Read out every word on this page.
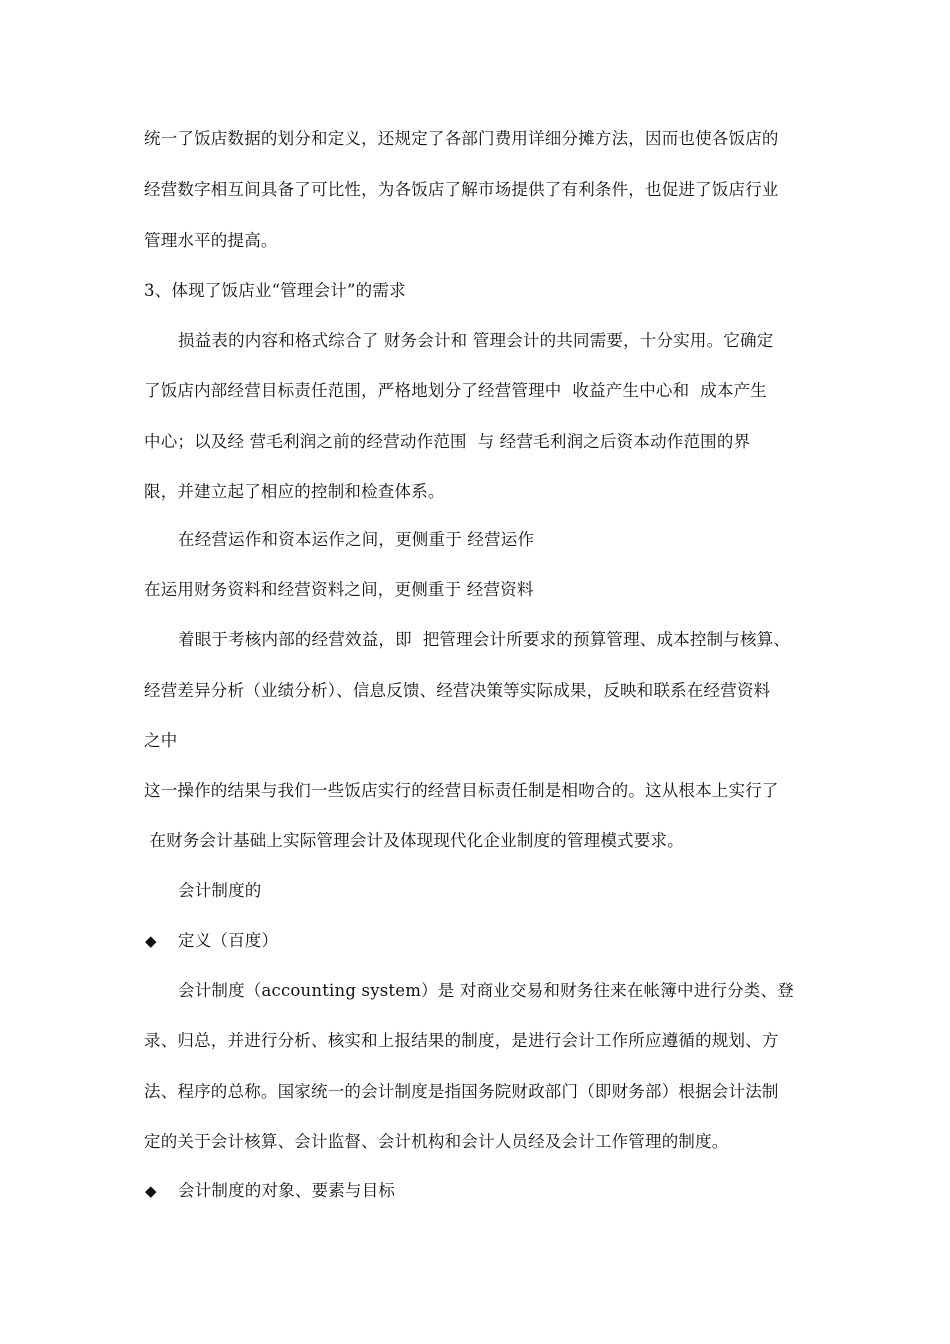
统一了饭店数据的划分和定义，还规定了各部门费用详细分摊方法，因而也使各饭店的
经营数字相互间具备了可比性，为各饭店了解市场提供了有利条件，也促进了饭店行业
管理水平的提高。
3、体现了饭店业“管理会计”的需求
损益表的内容和格式综合了 财务会计和 管理会计的共同需要，十分实用。它确定
了饭店内部经营目标责任范围，严格地划分了经营管理中  收益产生中心和  成本产生
中心；以及经 营毛利润之前的经营动作范围  与 经营毛利润之后资本动作范围的界
限，并建立起了相应的控制和检查体系。
在经营运作和资本运作之间，更侧重于 经营运作
在运用财务资料和经营资料之间，更侧重于 经营资料
着眼于考核内部的经营效益，即  把管理会计所要求的预算管理、成本控制与核算、
经营差异分析（业绩分析）、信息反馈、经营决策等实际成果，反映和联系在经营资料
之中
这一操作的结果与我们一些饭店实行的经营目标责任制是相吻合的。这从根本上实行了
在财务会计基础上实际管理会计及体现现代化企业制度的管理模式要求。
会计制度的
◆ 定义（百度）
会计制度（accounting system）是 对商业交易和财务往来在帐簿中进行分类、登
录、归总，并进行分析、核实和上报结果的制度，是进行会计工作所应遵循的规划、方
法、程序的总称。国家统一的会计制度是指国务院财政部门（即财务部）根据会计法制
定的关于会计核算、会计监督、会计机构和会计人员经及会计工作管理的制度。
◆ 会计制度的对象、要素与目标
